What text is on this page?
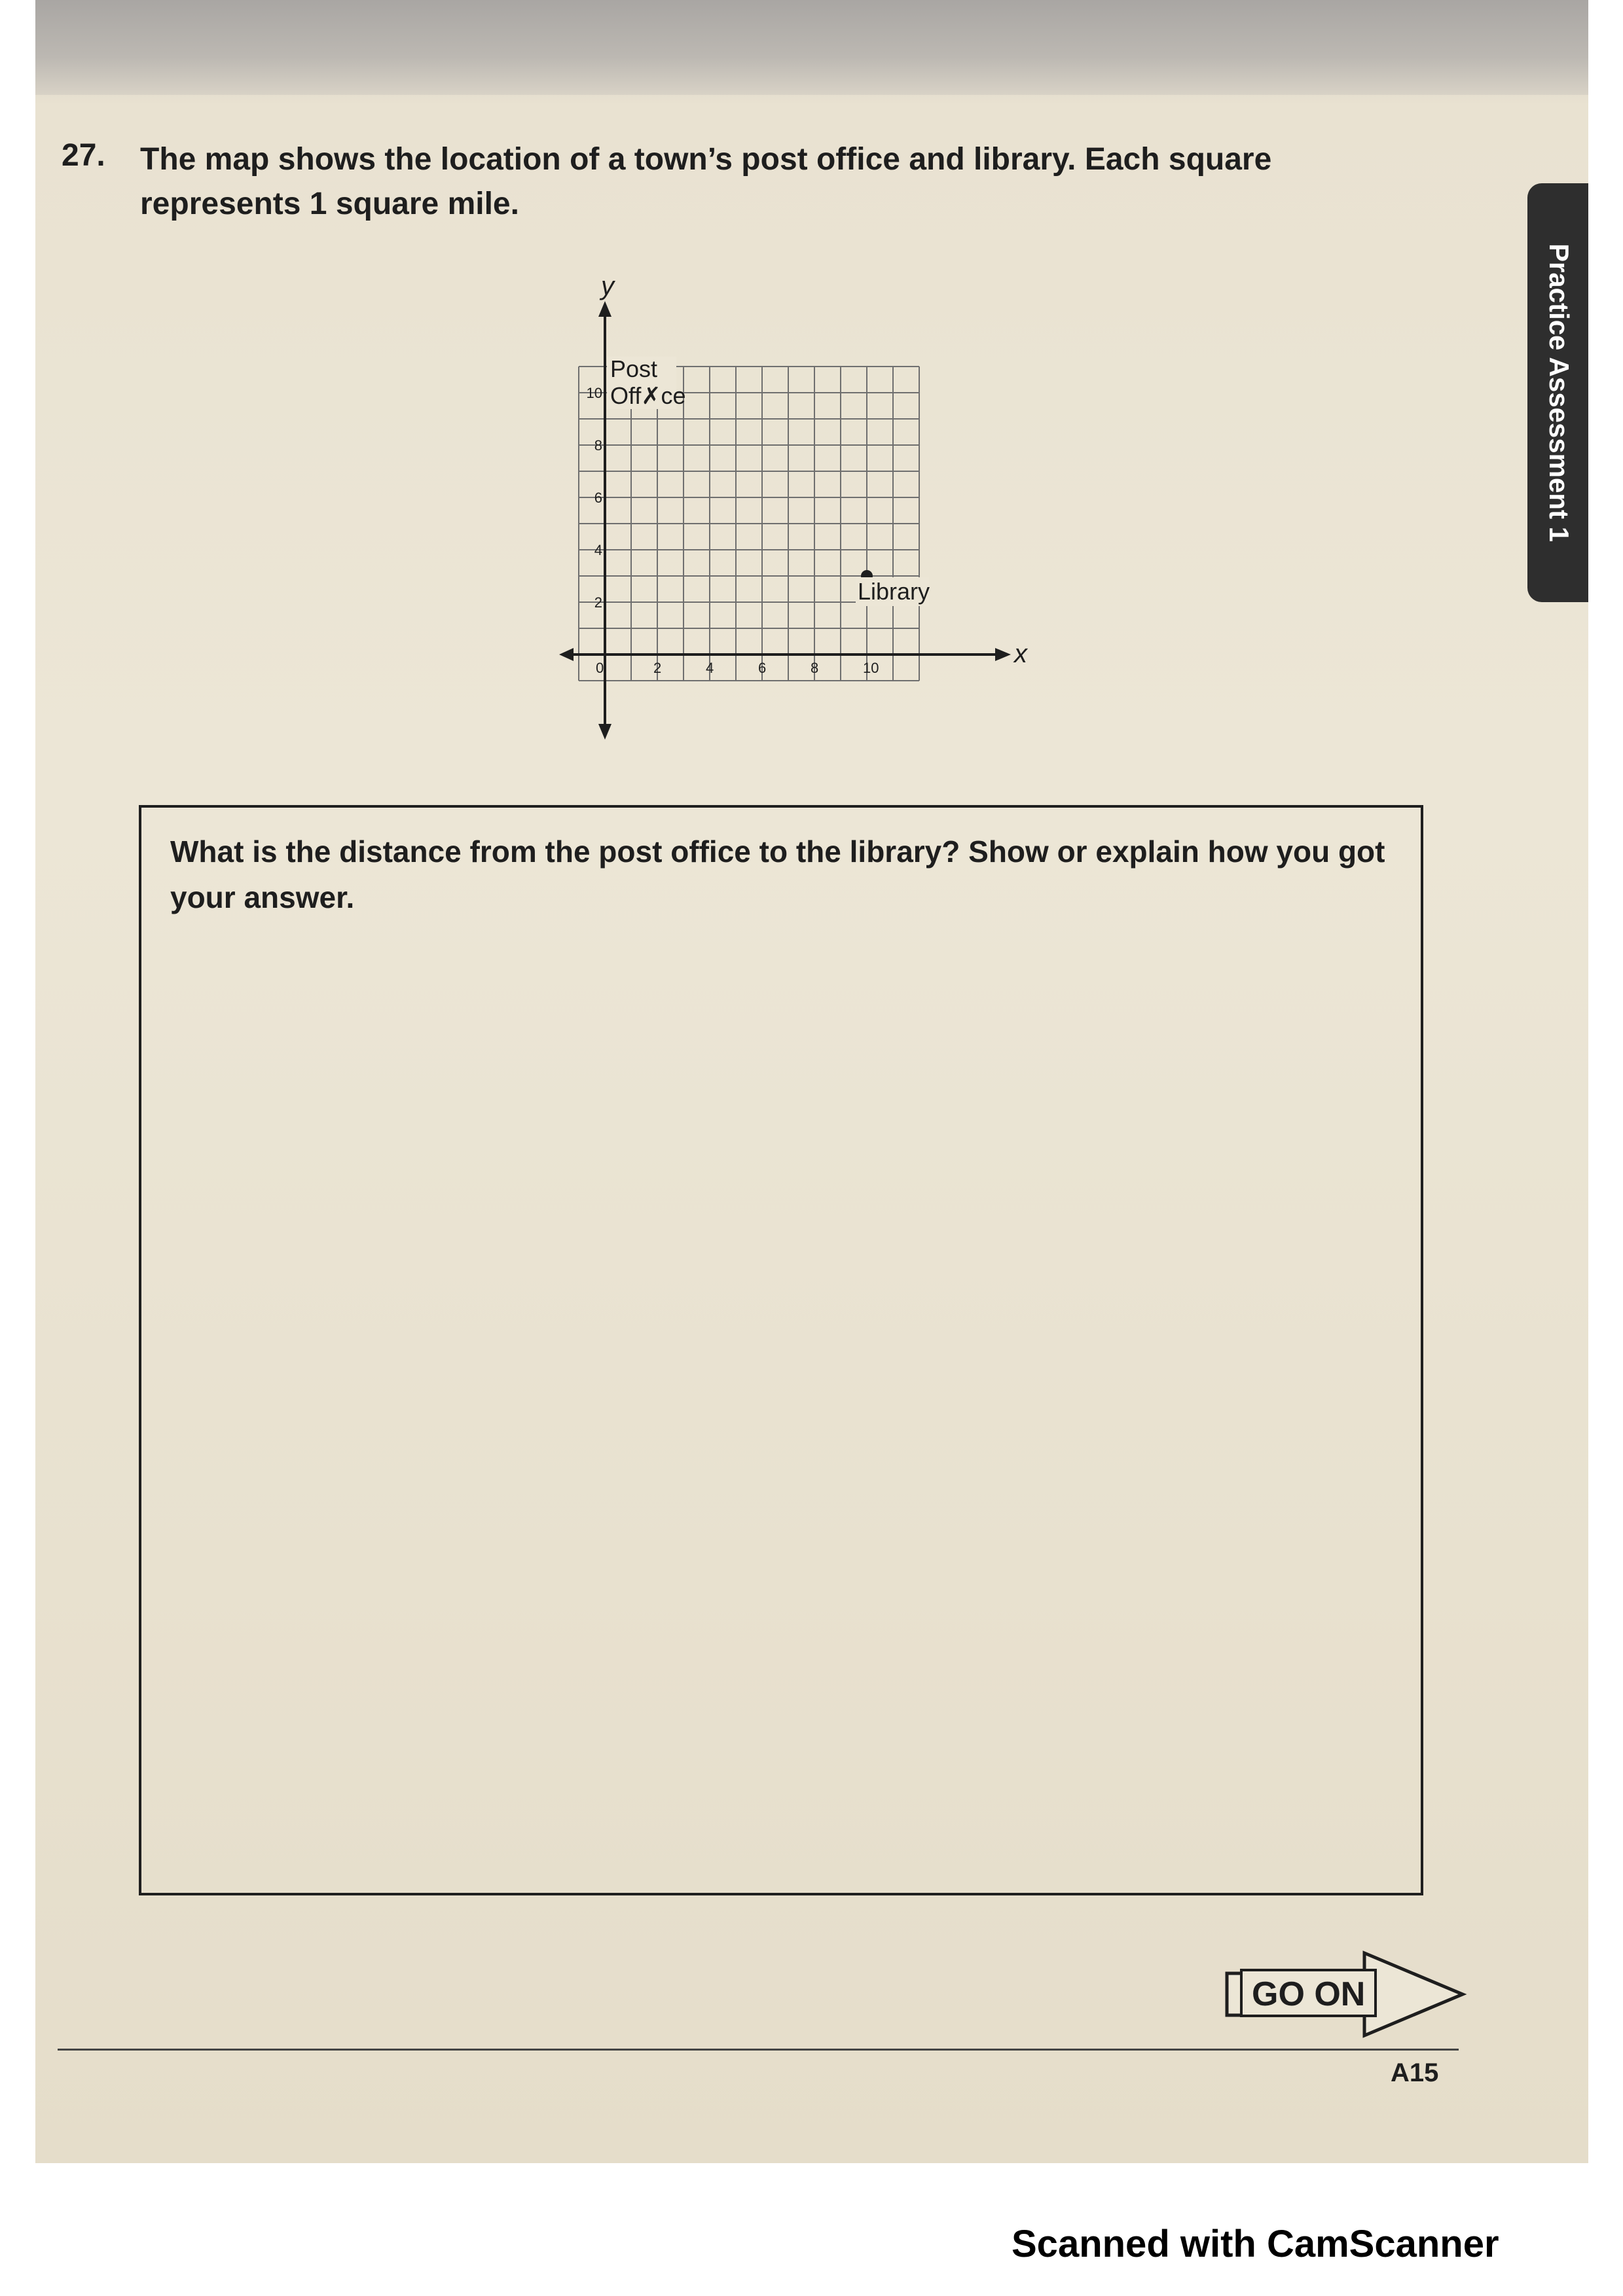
27. The map shows the location of a town’s post office and library. Each square represents 1 square mile.
Practice Assessment 1
y
x
0	2	4	6	8	10
2
4
6
8
10
Post
Off✗ce
Library
What is the distance from the post office to the library? Show or explain how you got your answer.
GO ON
A15
Scanned with CamScanner
